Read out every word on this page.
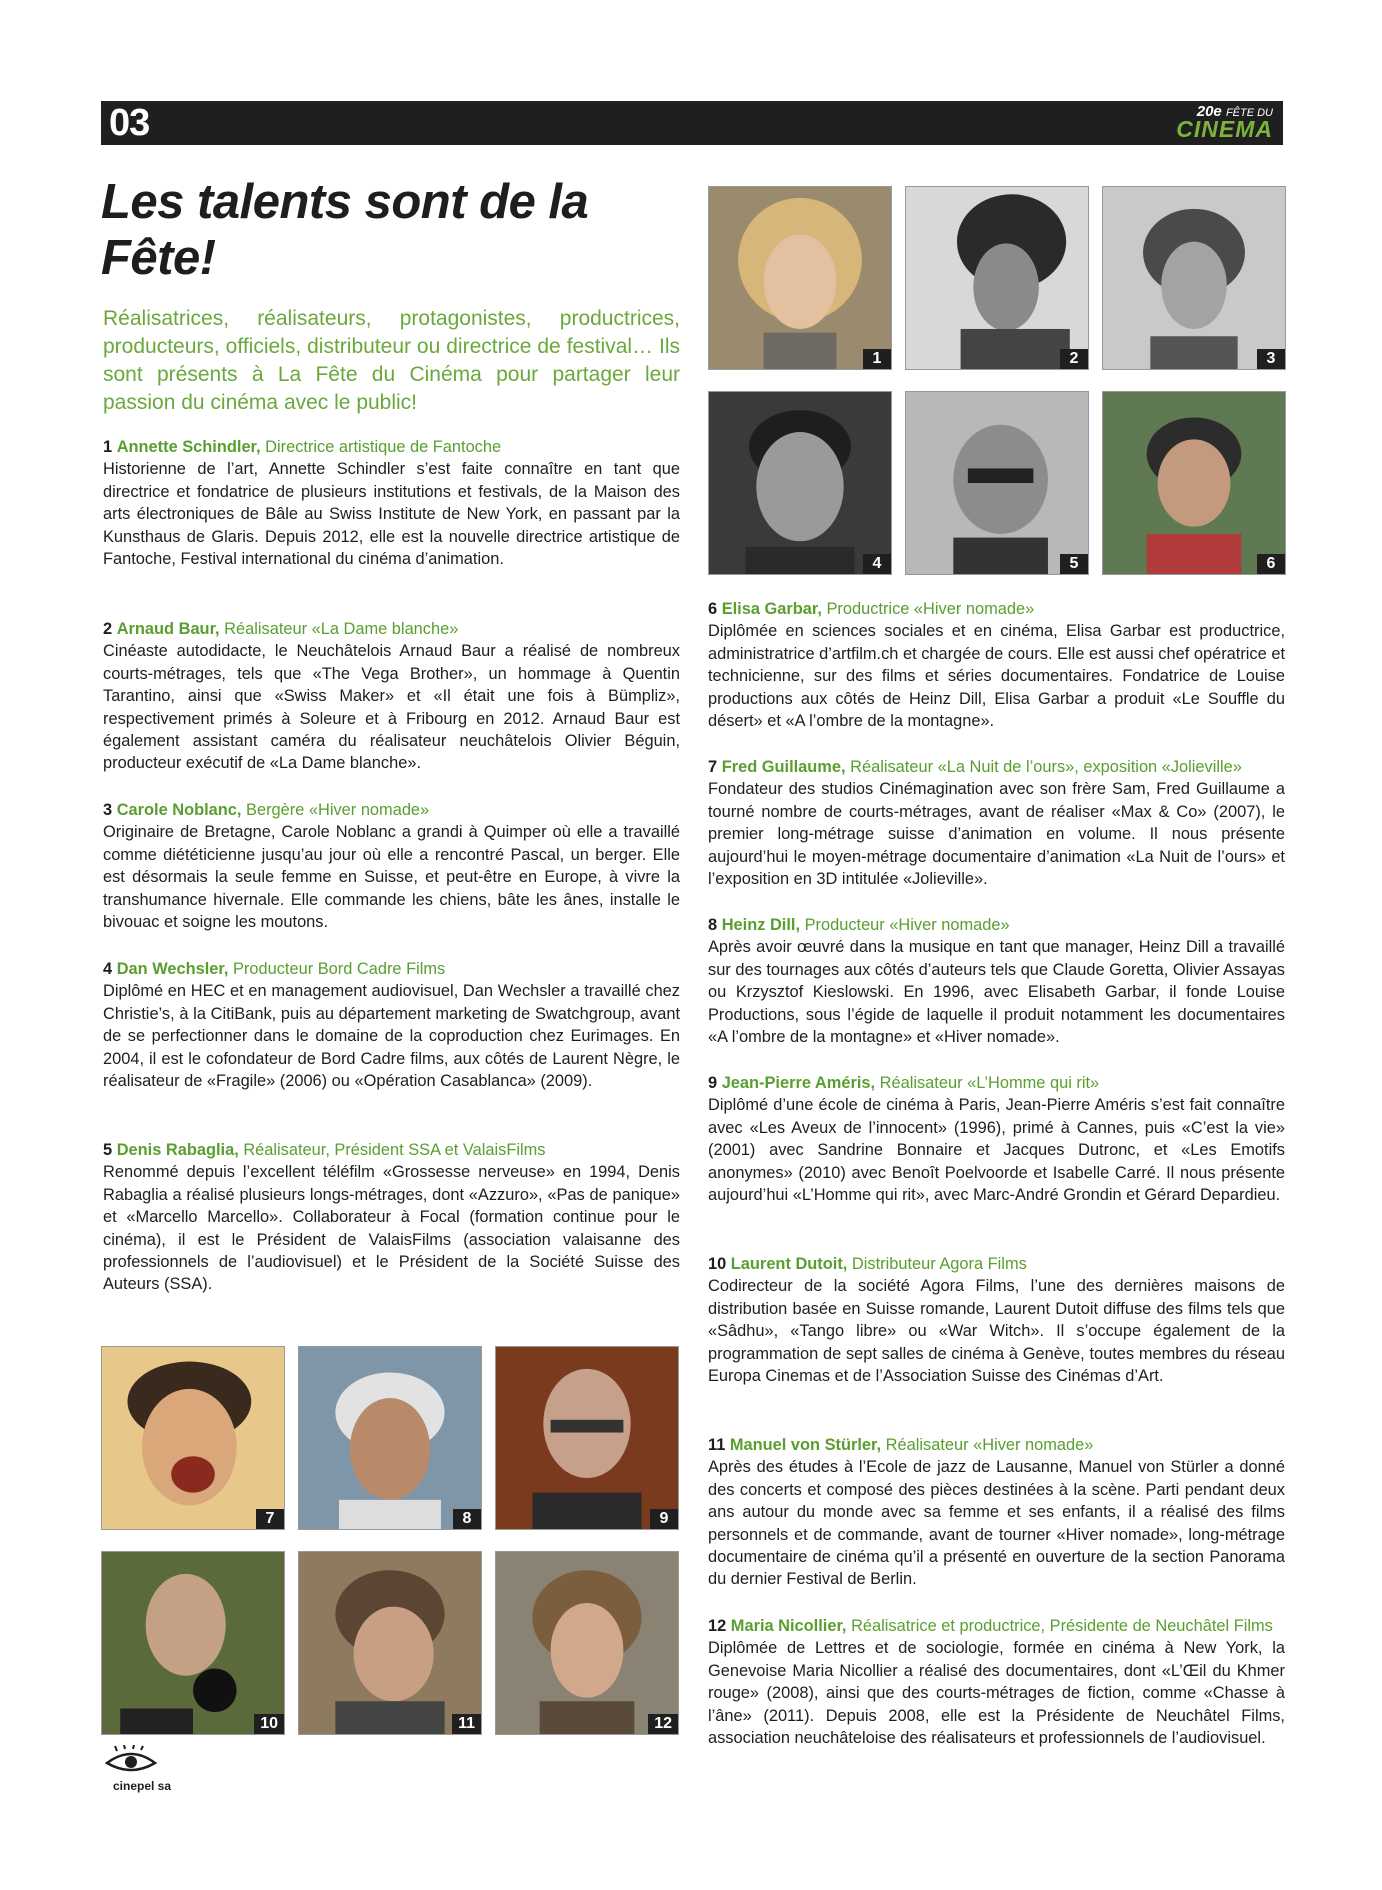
03	20e FÊTE DU
CINEMA
Les talents sont de la Fête!

Réalisatrices, réalisateurs, protagonistes, productrices, producteurs, officiels, distributeur ou directrice de festival… Ils sont présents à La Fête du Cinéma pour partager leur passion du cinéma avec le public!

1 Annette Schindler, Directrice artistique de Fantoche
Historienne de l’art, Annette Schindler s’est faite connaître en tant que directrice et fondatrice de plusieurs institutions et festivals, de la Maison des arts électroniques de Bâle au Swiss Institute de New York, en passant par la Kunsthaus de Glaris. Depuis 2012, elle est la nouvelle directrice artistique de Fantoche, Festival international du cinéma d’animation.
2 Arnaud Baur, Réalisateur «La Dame blanche»
Cinéaste autodidacte, le Neuchâtelois Arnaud Baur a réalisé de nombreux courts-métrages, tels que «The Vega Brother», un hommage à Quentin Tarantino, ainsi que «Swiss Maker» et «Il était une fois à Bümpliz», respectivement primés à Soleure et à Fribourg en 2012. Arnaud Baur est également assistant caméra du réalisateur neuchâtelois Olivier Béguin, producteur exécutif de «La Dame blanche».
3 Carole Noblanc, Bergère «Hiver nomade»
Originaire de Bretagne, Carole Noblanc a grandi à Quimper où elle a travaillé comme diététicienne jusqu’au jour où elle a rencontré Pascal, un berger. Elle est désormais la seule femme en Suisse, et peut-être en Europe, à vivre la transhumance hivernale. Elle commande les chiens, bâte les ânes, installe le bivouac et soigne les moutons.
4 Dan Wechsler, Producteur Bord Cadre Films
Diplômé en HEC et en management audiovisuel, Dan Wechsler a travaillé chez Christie’s, à la CitiBank, puis au département marketing de Swatchgroup, avant de se perfectionner dans le domaine de la coproduction chez Eurimages. En 2004, il est le cofondateur de Bord Cadre films, aux côtés de Laurent Nègre, le réalisateur de «Fragile» (2006) ou «Opération Casablanca» (2009).
5 Denis Rabaglia, Réalisateur, Président SSA et ValaisFilms
Renommé depuis l’excellent téléfilm «Grossesse nerveuse» en 1994, Denis Rabaglia a réalisé plusieurs longs-métrages, dont «Azzuro», «Pas de panique» et «Marcello Marcello». Collaborateur à Focal (formation continue pour le cinéma), il est le Président de ValaisFilms (association valaisanne des professionnels de l’audiovisuel) et le Président de la Société Suisse des Auteurs (SSA).
6 Elisa Garbar, Productrice «Hiver nomade»
Diplômée en sciences sociales et en cinéma, Elisa Garbar est productrice, administratrice d’artfilm.ch et chargée de cours. Elle est aussi chef opératrice et technicienne, sur des films et séries documentaires. Fondatrice de Louise productions aux côtés de Heinz Dill, Elisa Garbar a produit «Le Souffle du désert» et «A l’ombre de la montagne».
7 Fred Guillaume, Réalisateur «La Nuit de l’ours», exposition «Jolieville»
Fondateur des studios Cinémagination avec son frère Sam, Fred Guillaume a tourné nombre de courts-métrages, avant de réaliser «Max & Co» (2007), le premier long-métrage suisse d’animation en volume. Il nous présente aujourd’hui le moyen-métrage documentaire d’animation «La Nuit de l’ours» et l’exposition en 3D intitulée «Jolieville».
8 Heinz Dill, Producteur «Hiver nomade»
Après avoir œuvré dans la musique en tant que manager, Heinz Dill a travaillé sur des tournages aux côtés d’auteurs tels que Claude Goretta, Olivier Assayas ou Krzysztof Kieslowski. En 1996, avec Elisabeth Garbar, il fonde Louise Productions, sous l’égide de laquelle il produit notamment les documentaires «A l’ombre de la montagne» et «Hiver nomade».
9 Jean-Pierre Améris, Réalisateur «L’Homme qui rit»
Diplômé d’une école de cinéma à Paris, Jean-Pierre Améris s’est fait connaître avec «Les Aveux de l’innocent» (1996), primé à Cannes, puis «C’est la vie» (2001) avec Sandrine Bonnaire et Jacques Dutronc, et «Les Emotifs anonymes» (2010) avec Benoît Poelvoorde et Isabelle Carré. Il nous présente aujourd’hui «L’Homme qui rit», avec Marc-André Grondin et Gérard Depardieu.
10 Laurent Dutoit, Distributeur Agora Films
Codirecteur de la société Agora Films, l’une des dernières maisons de distribution basée en Suisse romande, Laurent Dutoit diffuse des films tels que «Sâdhu», «Tango libre» ou «War Witch». Il s’occupe également de la programmation de sept salles de cinéma à Genève, toutes membres du réseau Europa Cinemas et de l’Association Suisse des Cinémas d’Art.
11 Manuel von Stürler, Réalisateur «Hiver nomade»
Après des études à l’Ecole de jazz de Lausanne, Manuel von Stürler a donné des concerts et composé des pièces destinées à la scène. Parti pendant deux ans autour du monde avec sa femme et ses enfants, il a réalisé des films personnels et de commande, avant de tourner «Hiver nomade», long-métrage documentaire de cinéma qu’il a présenté en ouverture de la section Panorama du dernier Festival de Berlin.
12 Maria Nicollier, Réalisatrice et productrice, Présidente de Neuchâtel Films
Diplômée de Lettres et de sociologie, formée en cinéma à New York, la Genevoise Maria Nicollier a réalisé des documentaires, dont «L’Œil du Khmer rouge» (2008), ainsi que des courts-métrages de fiction, comme «Chasse à l’âne» (2011). Depuis 2008, elle est la Présidente de Neuchâtel Films, association neuchâteloise des réalisateurs et professionnels de l’audiovisuel.
1	2	3
4	5	6
7	8	9
10	11	12
cinepel sa
